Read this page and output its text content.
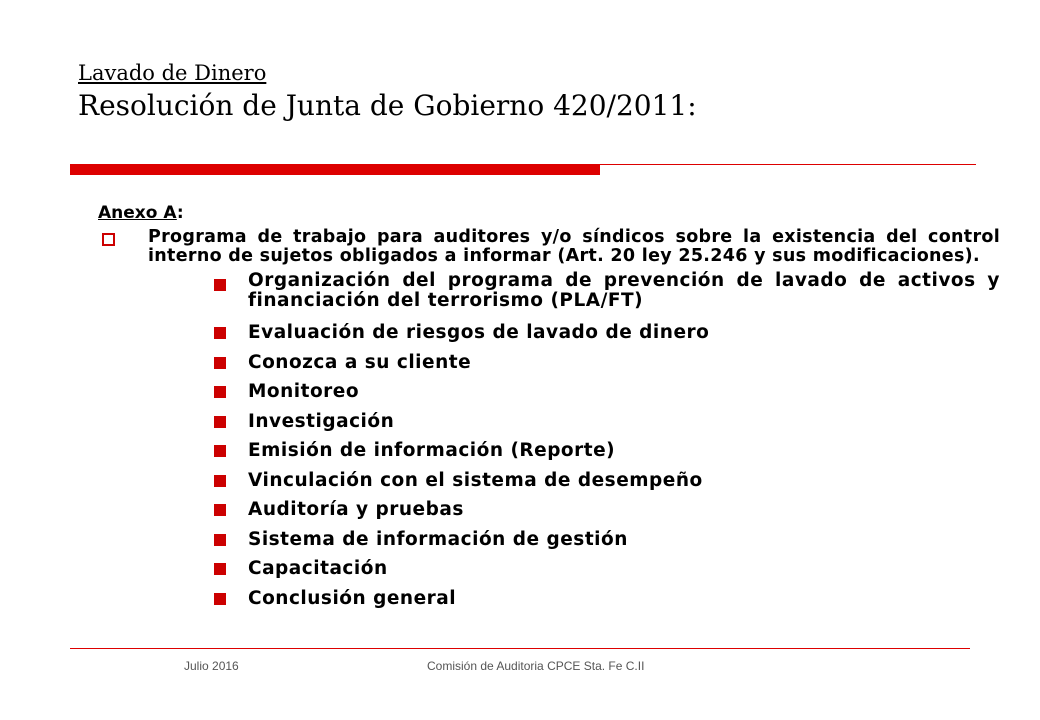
Lavado de Dinero
Resolución de Junta de Gobierno 420/2011:
Anexo A:
Programa de trabajo para auditores y/o síndicos sobre la existencia del control interno de sujetos obligados a informar (Art. 20 ley 25.246 y sus modificaciones).
Organización del programa de prevención de lavado de activos y financiación del terrorismo (PLA/FT)
Evaluación de riesgos de lavado de dinero
Conozca a su cliente
Monitoreo
Investigación
Emisión de información (Reporte)
Vinculación con el sistema de desempeño
Auditoría y pruebas
Sistema de información de gestión
Capacitación
Conclusión general
Julio 2016	Comisión de Auditoria CPCE Sta. Fe C.II
